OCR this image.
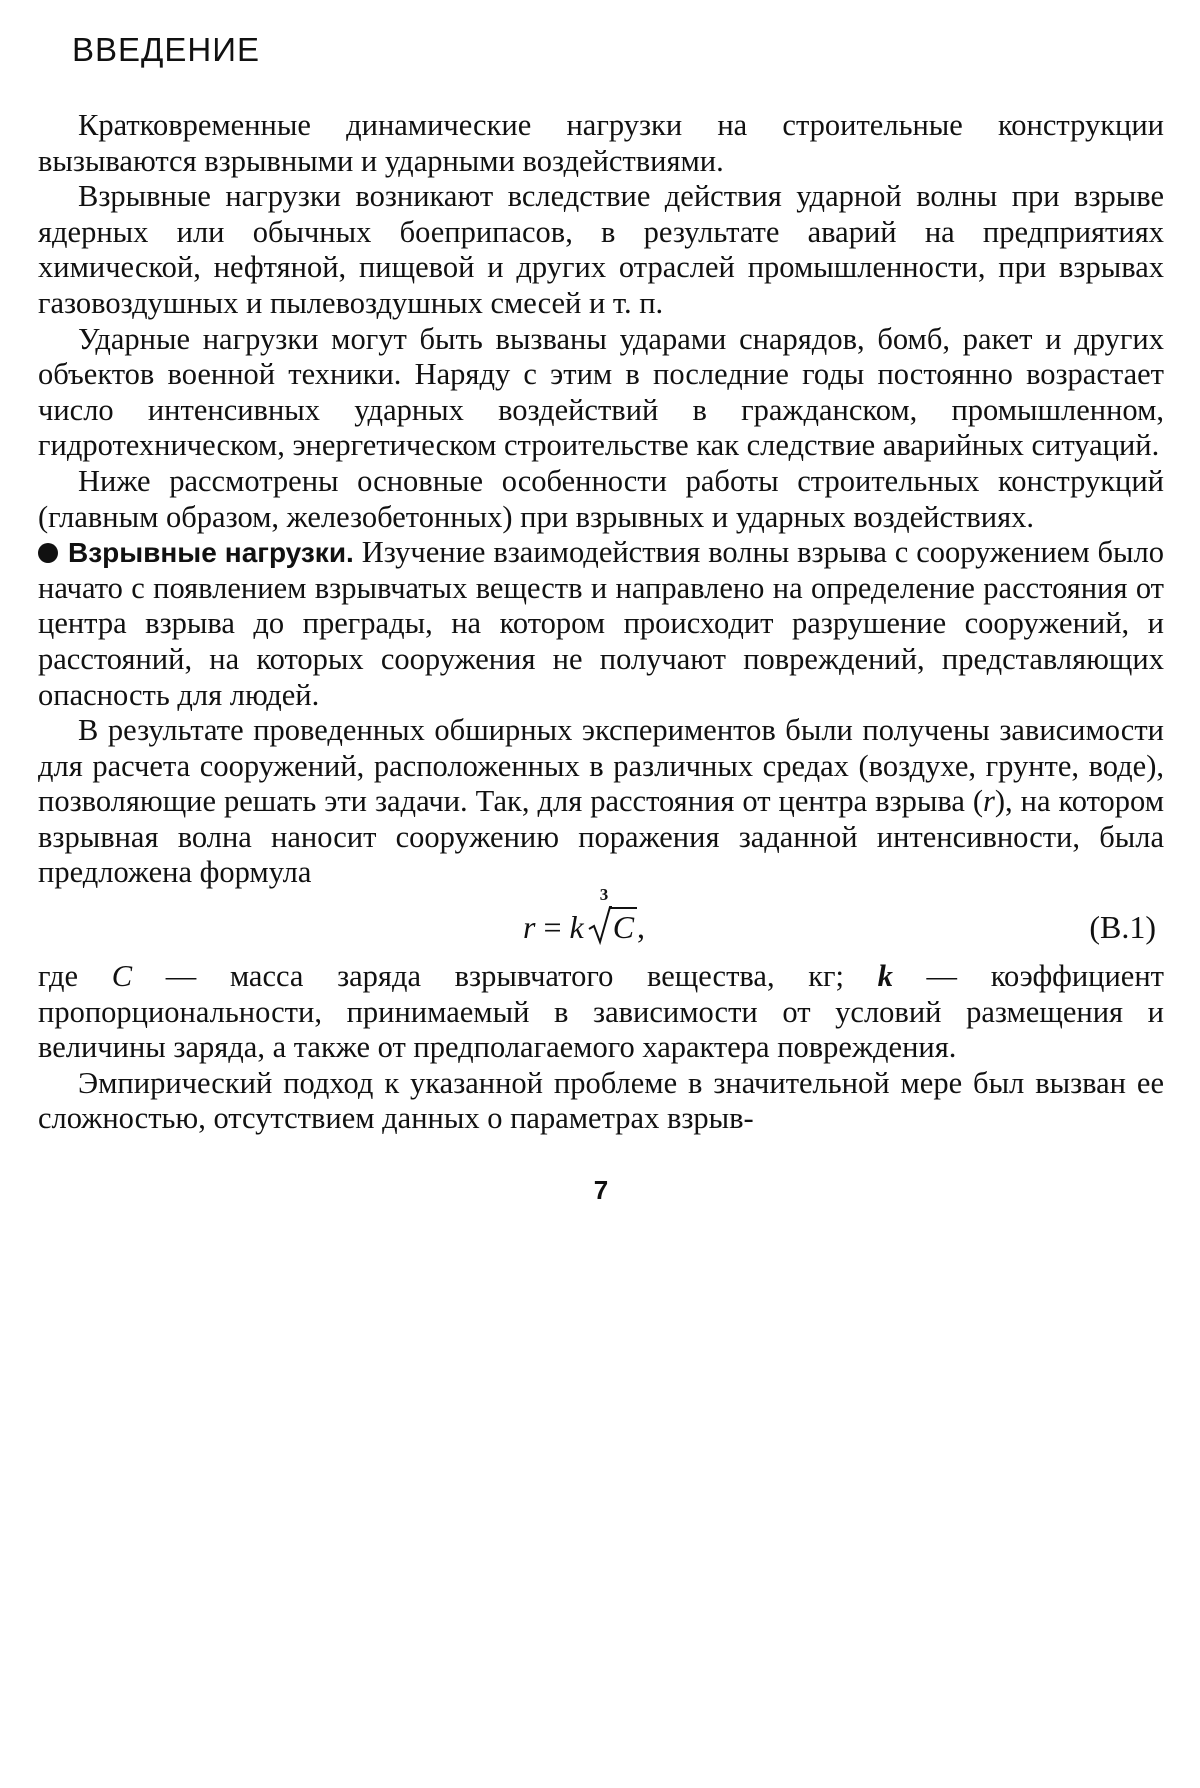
ВВЕДЕНИЕ

Кратковременные динамические нагрузки на строительные конструкции вызываются взрывными и ударными воздействиями.

Взрывные нагрузки возникают вследствие действия ударной волны при взрыве ядерных или обычных боеприпасов, в результате аварий на предприятиях химической, нефтяной, пищевой и других отраслей промышленности, при взрывах газовоздушных и пылевоздушных смесей и т. п.

Ударные нагрузки могут быть вызваны ударами снарядов, бомб, ракет и других объектов военной техники. Наряду с этим в последние годы постоянно возрастает число интенсивных ударных воздействий в гражданском, промышленном, гидротехническом, энергетическом строительстве как следствие аварийных ситуаций.

Ниже рассмотрены основные особенности работы строительных конструкций (главным образом, железобетонных) при взрывных и ударных воздействиях.

Взрывные нагрузки. Изучение взаимодействия волны взрыва с сооружением было начато с появлением взрывчатых веществ и направлено на определение расстояния от центра взрыва до преграды, на котором происходит разрушение сооружений, и расстояний, на которых сооружения не получают повреждений, представляющих опасность для людей.

В результате проведенных обширных экспериментов были получены зависимости для расчета сооружений, расположенных в различных средах (воздухе, грунте, воде), позволяющие решать эти задачи. Так, для расстояния от центра взрыва (r), на котором взрывная волна наносит сооружению поражения заданной интенсивности, была предложена формула

r = k
3
C,	(В.1)

где C — масса заряда взрывчатого вещества, кг; k — коэффициент пропорциональности, принимаемый в зависимости от условий размещения и величины заряда, а также от предполагаемого характера повреждения.

Эмпирический подход к указанной проблеме в значительной мере был вызван ее сложностью, отсутствием данных о параметрах взрыв-

7
